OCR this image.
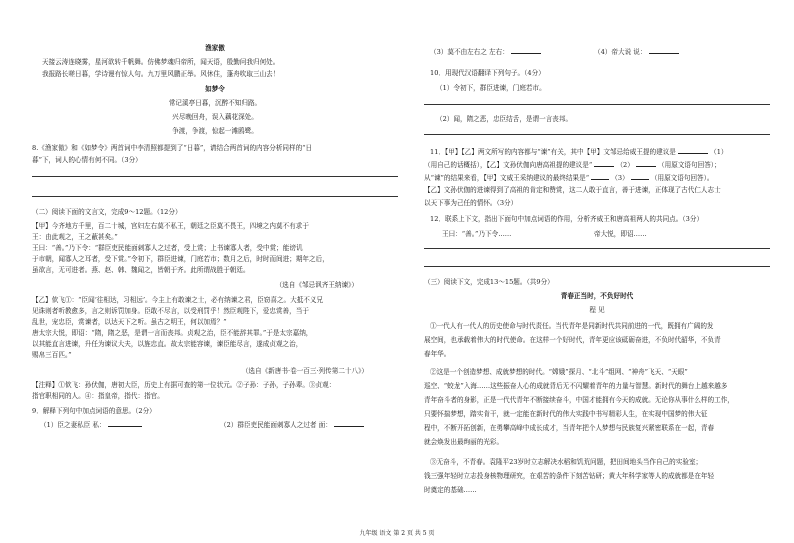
渔家傲
天接云涛连晓雾，星河欲转千帆舞。仿佛梦魂归帝所，闻天语，殷勤问我归何处。
我报路长嗟日暮，学诗谩有惊人句。九万里风鹏正举。风休住，蓬舟吹取三山去！
如梦令
常记溪亭日暮，沉醉不知归路。
兴尽晚回舟，误入藕花深处。
争渡，争渡，惊起一滩鸥鹭。
8.《渔家傲》和《如梦令》两首词中李清照都提到了“日暮”，请结合两首词的内容分析同样的“日
暮”下，词人的心情有何不同。（3分）
（二）阅读下面的文言文，完成9～12题。（12分）
【甲】今齐地方千里，百二十城，宫妇左右莫不私王，朝廷之臣莫不畏王，四境之内莫不有求于
王：由此观之，王之蔽甚矣。”
王曰：“善。”乃下令：“群臣吏民能面刺寡人之过者，受上赏；上书谏寡人者，受中赏；能谤讥
于市朝，闻寡人之耳者，受下赏。”令初下，群臣进谏，门庭若市；数月之后，时时而间进；期年之后，
虽欲言，无可进者。燕、赵、韩、魏闻之，皆朝于齐。此所谓战胜于朝廷。
（选自《邹忌讽齐王纳谏》）
【乙】佽飞①：“臣闻‘往相达，习相远’。今主上有敢谏之士，必有纳谏之君，臣窃喜之。大抵不义兄
见诛则者听教愈多，言之则诉罚加身。臣敢不尽言，以受刑罚乎！然臣观陛下，爱忠赏善，当于
乱世，宠忠臣，赏谏者，以达天下之听。虽古之明王，何以加焉？”
唐太宗大悦，即诏：“隋，隋之恶，是谓一言而丧邦。贞观之治，臣不能辞其罪。”于是太宗嘉纳，
以其能直言进谏，升任为谏议大夫，以旌忠直。故太宗能容谏，谏臣能尽言，遂成贞观之治，
赐帛三百匹。”
（选自《新唐书·卷一百三·列传第二十八》）
【注释】①佽飞：孙伏伽，唐初大臣，历史上有据可查的第一位状元。②子孙：子孙，子孙辈。③贞观：
指官职相同的人。④：指皇帝，指代：指官。
9．解释下列句中加点词语的意思。（2分）
（1）臣之妻私臣 私：	（2）群臣吏民能面刺寡人之过者 面：
（3）莫不由左右之 左右：	（4）帝大说 说：
10．用现代汉语翻译下列句子。（4分）
（1）令初下，群臣进谏，门庭若市。
（2）闻，隋之恶，忠臣结舌，是谓一言丧邦。
11．【甲】【乙】两文所写的内容都与“谏”有关，其中【甲】文邹忌给威王提的建议是	（1）
（用自己的话概括），【乙】文孙伏伽向唐高祖提的建议是“	（2）	（用原文语句回答）；
从“谏”的结果来看，【甲】文威王采纳建议的最终结果是“	（3）	（用原文语句回答）。
【乙】文孙伏伽的进谏得到了高祖的肯定和赞赏，这二人敢于直言，善于进谏，正体现了古代仁人志士
以天下事为己任的情怀。（3分）
12．联系上下文，指出下面句中加点词语的作用，分析齐威王和唐高祖两人的共同点。（3分）
王曰：“善。”乃下令……	帝大悦，即诏……
（三）阅读下文，完成13～15题。（共9分）
青春正当时，不负好时代
程 见
①一代人有一代人的历史使命与时代责任。当代青年是同新时代共同前进的一代，既拥有广阔的发
展空间，也承载着伟大的时代使命。在这样一个好时代，青年更应该砥砺奋进，不负时代韶华，不负青
春年华。
②这是一个创造梦想、成就梦想的时代。“嫦娥”探月、“北斗”组网、“神舟”飞天、“天眼”
巡空、“蛟龙”入海……这些振奋人心的成就背后无不闪耀着青年的力量与智慧。新时代的舞台上越来越多
青年奋斗者的身影，正是一代代青年不断接续奋斗，中国才能拥有今天的成就。无论你从事什么样的工作，
只要怀揣梦想，踏实肯干，就一定能在新时代的伟大实践中书写精彩人生，在实现中国梦的伟大征
程中，不断开拓创新，在勇攀高峰中成长成才，当青年把个人梦想与民族复兴紧密联系在一起，青春
就会焕发出最绚丽的光彩。
③无奋斗，不青春。袁隆平23岁时立志解决水稻和饥荒问题，把田间地头当作自己的实验室；
钱三强年轻时立志投身核物理研究，在艰苦的条件下刻苦钻研；黄大年科学家等人的成就都是在年轻
时奠定的基础……
九年级 语文 第 2 页 共 5 页
